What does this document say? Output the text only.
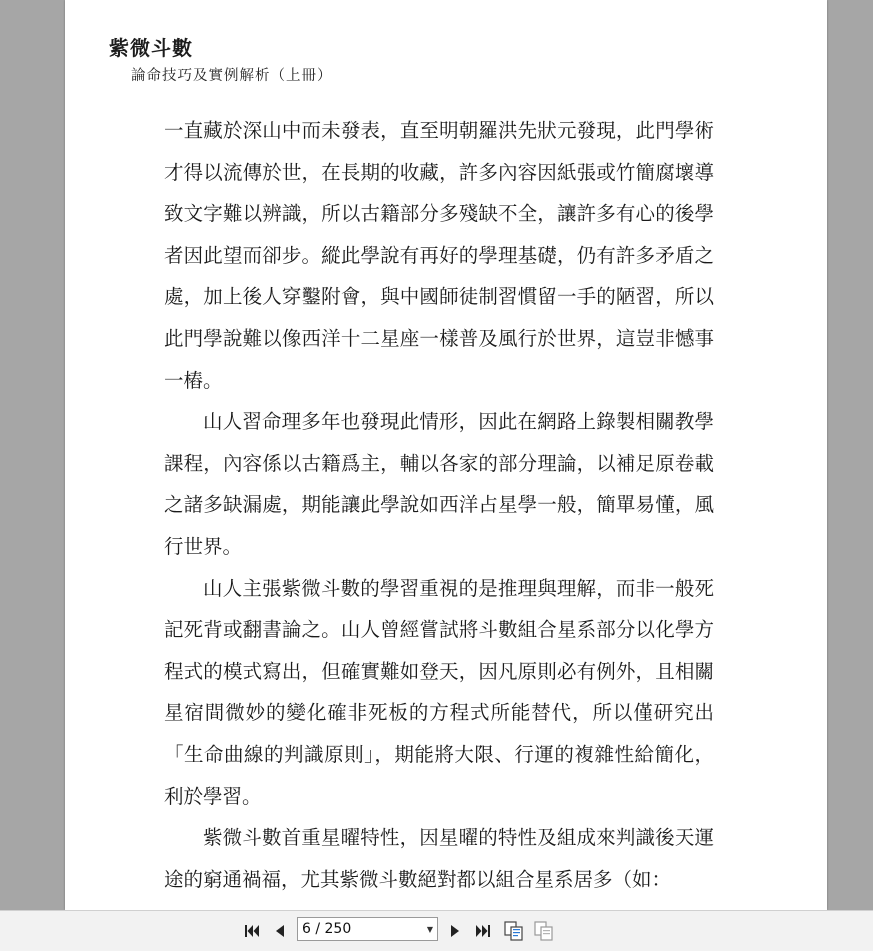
紫微斗數
論命技巧及實例解析（上冊）

一直藏於深山中而未發表，直至明朝羅洪先狀元發現，此門學術才得以流傳於世，在長期的收藏，許多內容因紙張或竹簡腐壞導致文字難以辨識，所以古籍部分多殘缺不全，讓許多有心的後學者因此望而卻步。縱此學說有再好的學理基礎，仍有許多矛盾之處，加上後人穿鑿附會，與中國師徒制習慣留一手的陋習，所以此門學說難以像西洋十二星座一樣普及風行於世界，這豈非憾事一樁。

山人習命理多年也發現此情形，因此在網路上錄製相關教學課程，內容係以古籍爲主，輔以各家的部分理論，以補足原卷載之諸多缺漏處，期能讓此學說如西洋占星學一般，簡單易懂，風行世界。

山人主張紫微斗數的學習重視的是推理與理解，而非一般死記死背或翻書論之。山人曾經嘗試將斗數組合星系部分以化學方程式的模式寫出，但確實難如登天，因凡原則必有例外，且相關星宿間微妙的變化確非死板的方程式所能替代，所以僅研究出「生命曲線的判識原則」，期能將大限、行運的複雜性給簡化，利於學習。

紫微斗數首重星曜特性，因星曜的特性及組成來判識後天運途的窮通禍福，尤其紫微斗數絕對都以組合星系居多（如：

6 / 250	▼
